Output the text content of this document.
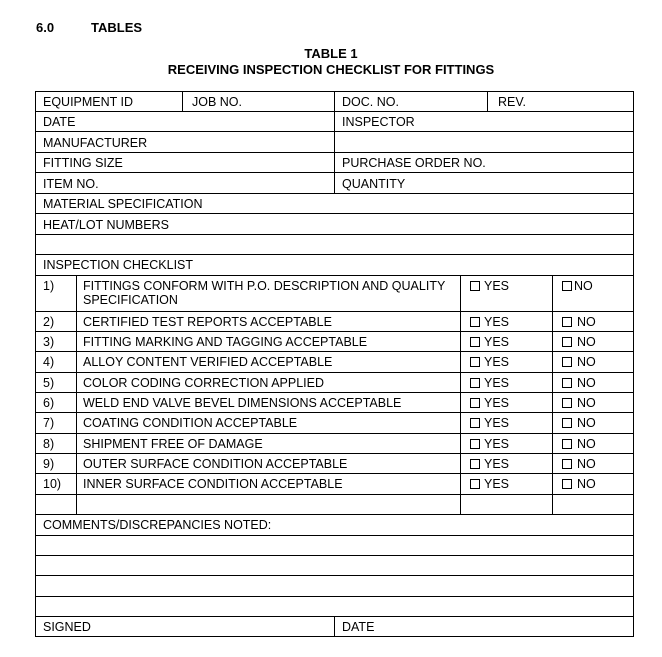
6.0	TABLES
TABLE 1
RECEIVING INSPECTION CHECKLIST FOR FITTINGS
EQUIPMENT ID	JOB NO.	DOC. NO.	REV.
DATE	INSPECTOR
MANUFACTURER
FITTING SIZE	PURCHASE ORDER NO.
ITEM NO.	QUANTITY
MATERIAL SPECIFICATION
HEAT/LOT NUMBERS
INSPECTION CHECKLIST
1) FITTINGS CONFORM WITH P.O. DESCRIPTION AND QUALITY SPECIFICATION
YES	NO
2) CERTIFIED TEST REPORTS ACCEPTABLE	YES	NO
3) FITTING MARKING AND TAGGING ACCEPTABLE	YES	NO
4) ALLOY CONTENT VERIFIED ACCEPTABLE	YES	NO
5) COLOR CODING CORRECTION APPLIED	YES	NO
6) WELD END VALVE BEVEL DIMENSIONS ACCEPTABLE	YES	NO
7) COATING CONDITION ACCEPTABLE	YES	NO
8) SHIPMENT FREE OF DAMAGE	YES	NO
9) OUTER SURFACE CONDITION ACCEPTABLE	YES	NO
10) INNER SURFACE CONDITION ACCEPTABLE	YES	NO
COMMENTS/DISCREPANCIES NOTED:
SIGNED	DATE
